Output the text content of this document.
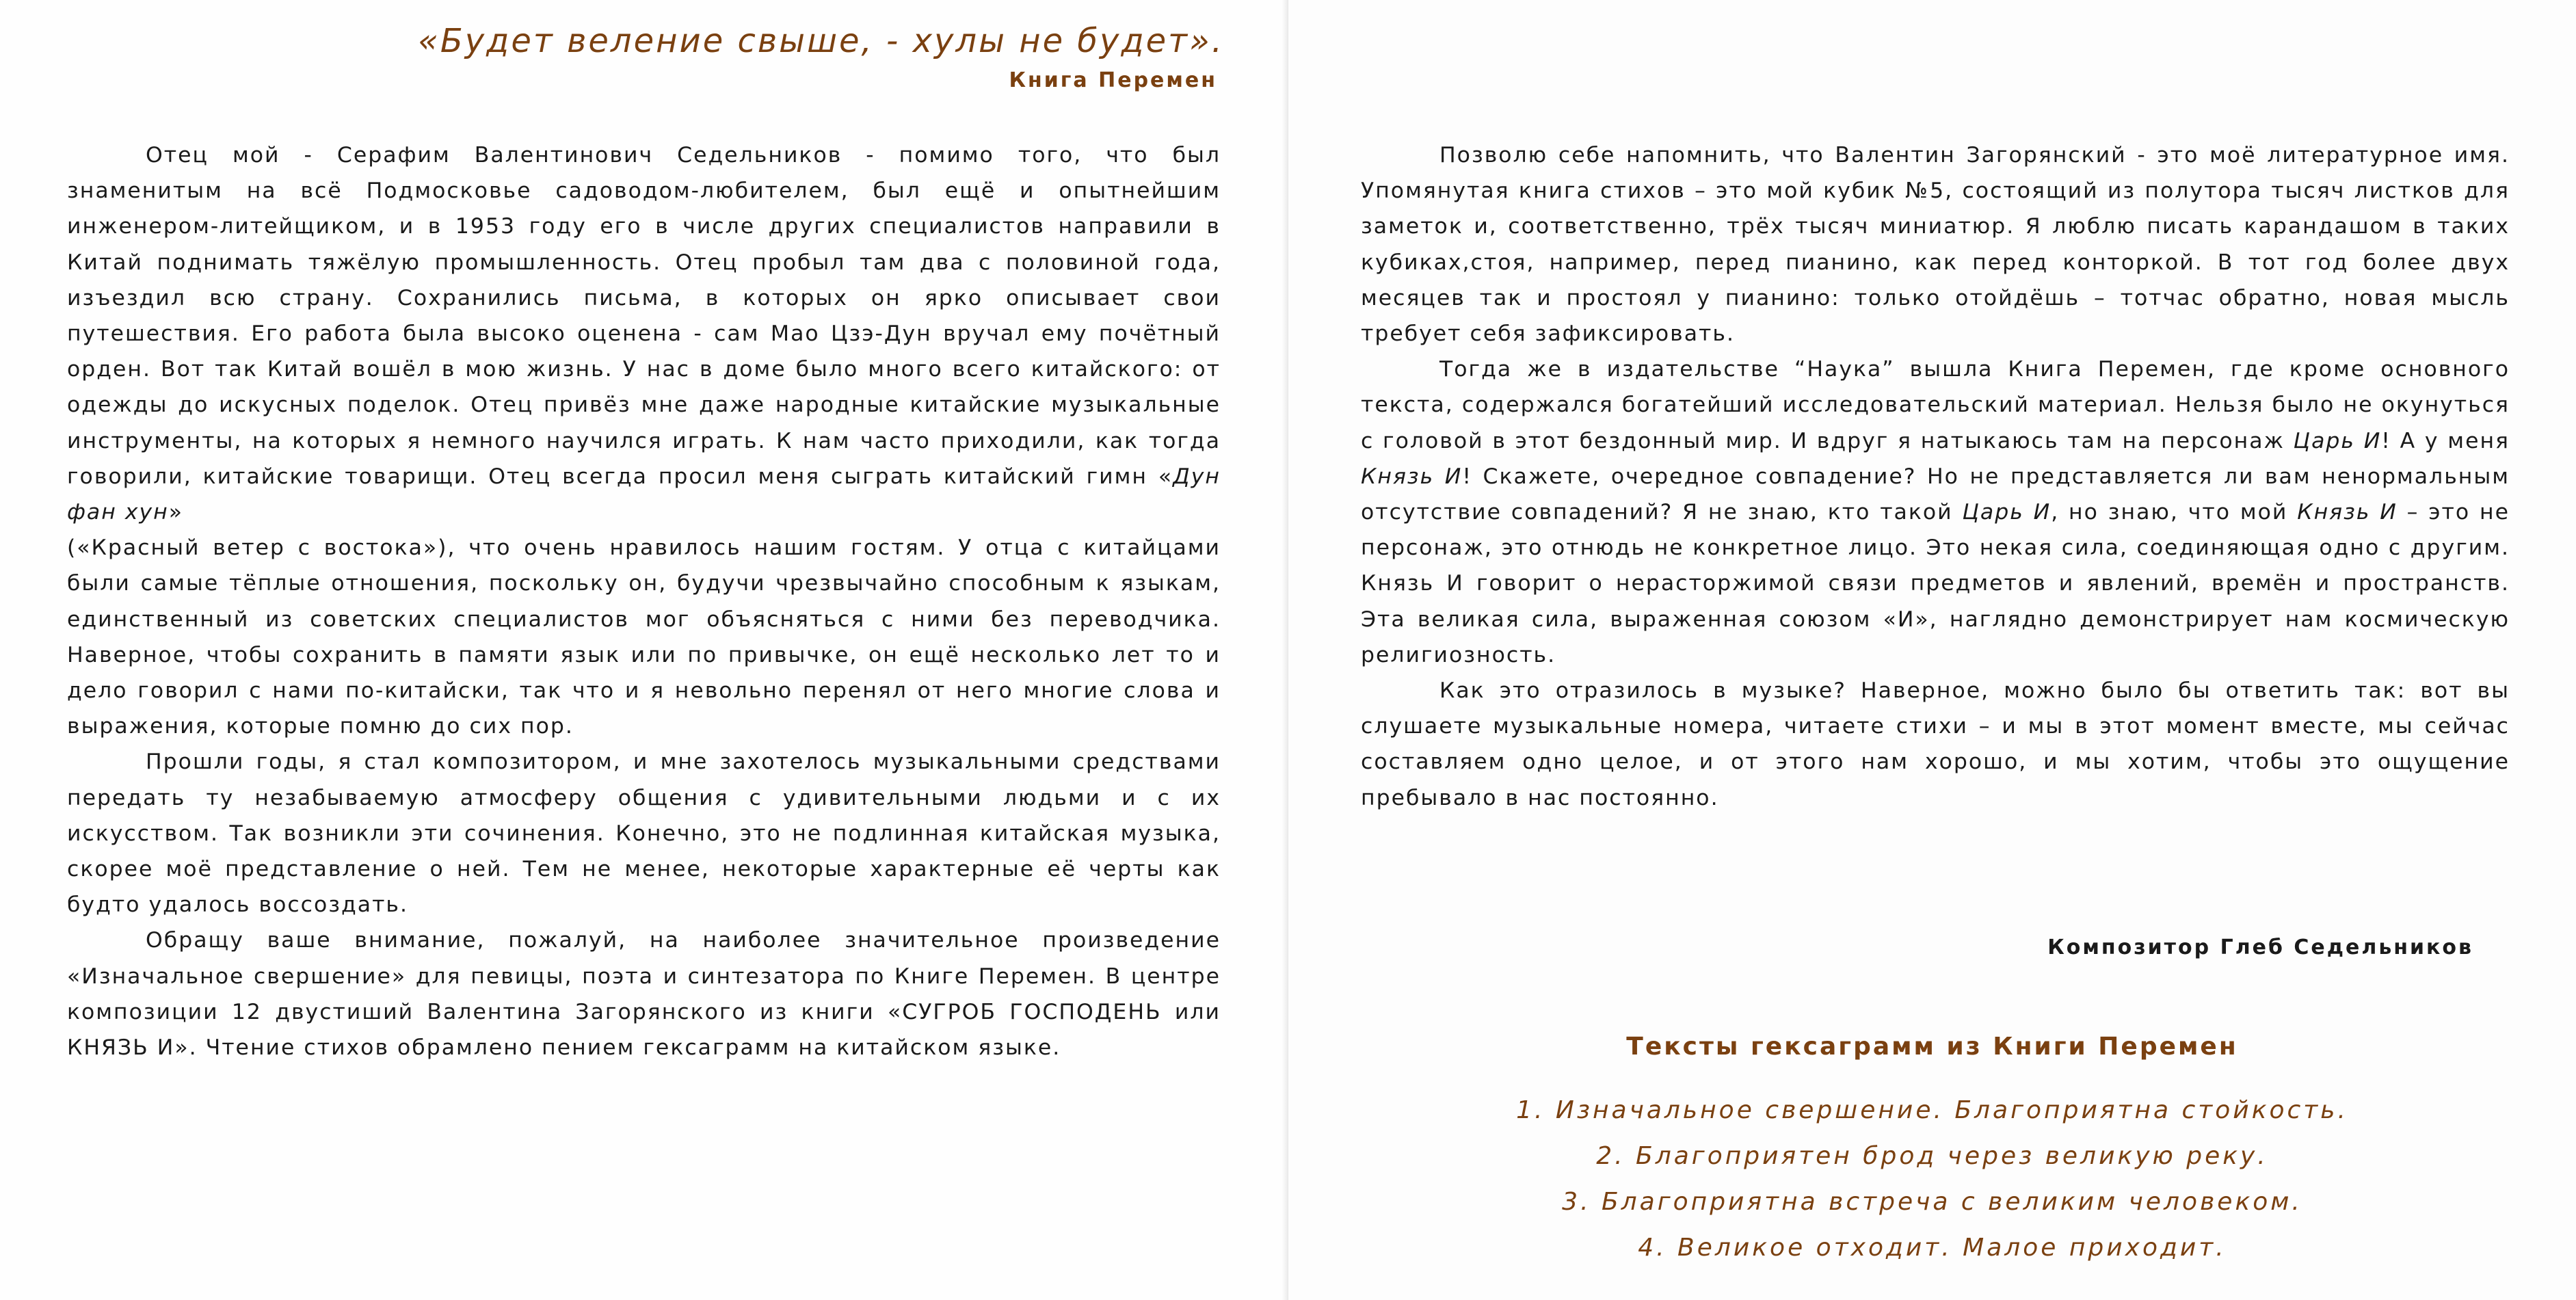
«Будет веление свыше, - хулы не будет».
Книга Перемен

Отец мой - Серафим Валентинович Седельников - помимо того, что был знаменитым на всё Подмосковье садоводом-любителем, был ещё и опытнейшим инженером-литейщиком, и в 1953 году его в числе других специалистов направили в Китай поднимать тяжёлую промышленность. Отец пробыл там два с половиной года, изъездил всю страну. Сохранились письма, в которых он ярко описывает свои путешествия. Его работа была высоко оценена - сам Мао Цзэ-Дун вручал ему почётный орден. Вот так Китай вошёл в мою жизнь. У нас в доме было много всего китайского: от одежды до искусных поделок. Отец привёз мне даже народные китайские музыкальные инструменты, на которых я немного научился играть. К нам часто приходили, как тогда говорили, китайские товарищи. Отец всегда просил меня сыграть китайский гимн «Дун фан хун»

(«Красный ветер с востока»), что очень нравилось нашим гостям. У отца с китайцами были самые тёплые отношения, поскольку он, будучи чрезвычайно способным к языкам, единственный из советских специалистов мог объясняться с ними без переводчика. Наверное, чтобы сохранить в памяти язык или по привычке, он ещё несколько лет то и дело говорил с нами по-китайски, так что и я невольно перенял от него многие слова и выражения, которые помню до сих пор.

Прошли годы, я стал композитором, и мне захотелось музыкальными средствами передать ту незабываемую атмосферу общения с удивительными людьми и с их искусством. Так возникли эти сочинения. Конечно, это не подлинная китайская музыка, скорее моё представление о ней. Тем не менее, некоторые характерные её черты как будто удалось воссоздать.

Обращу ваше внимание, пожалуй, на наиболее значительное произведение «Изначальное свершение» для певицы, поэта и синтезатора по Книге Перемен. В центре композиции 12 двустиший Валентина Загорянского из книги «СУГРОБ ГОСПОДЕНЬ или КНЯЗЬ И». Чтение стихов обрамлено пением гексаграмм на китайском языке.

Позволю себе напомнить, что Валентин Загорянский - это моё литературное имя. Упомянутая книга стихов – это мой кубик №5, состоящий из полутора тысяч листков для заметок и, соответственно, трёх тысяч миниатюр. Я люблю писать карандашом в таких кубиках,стоя, например, перед пианино, как перед конторкой. В тот год более двух месяцев так и простоял у пианино: только отойдёшь – тотчас обратно, новая мысль требует себя зафиксировать.

Тогда же в издательстве “Наука” вышла Книга Перемен, где кроме основного текста, содержался богатейший исследовательский материал. Нельзя было не окунуться с головой в этот бездонный мир. И вдруг я натыкаюсь там на персонаж Царь И! А у меня Князь И! Скажете, очередное совпадение? Но не представляется ли вам ненормальным отсутствие совпадений? Я не знаю, кто такой Царь И, но знаю, что мой Князь И – это не персонаж, это отнюдь не конкретное лицо. Это некая сила, соединяющая одно с другим. Князь И говорит о нерасторжимой связи предметов и явлений, времён и пространств. Эта великая сила, выраженная союзом «И», наглядно демонстрирует нам космическую религиозность.

Как это отразилось в музыке? Наверное, можно было бы ответить так: вот вы слушаете музыкальные номера, читаете стихи – и мы в этот момент вместе, мы сейчас составляем одно целое, и от этого нам хорошо, и мы хотим, чтобы это ощущение пребывало в нас постоянно.

Композитор Глеб Седельников
Тексты гексаграмм из Книги Перемен
1. Изначальное свершение. Благоприятна стойкость.
2. Благоприятен брод через великую реку.
3. Благоприятна встреча с великим человеком.
4. Великое отходит. Малое приходит.
